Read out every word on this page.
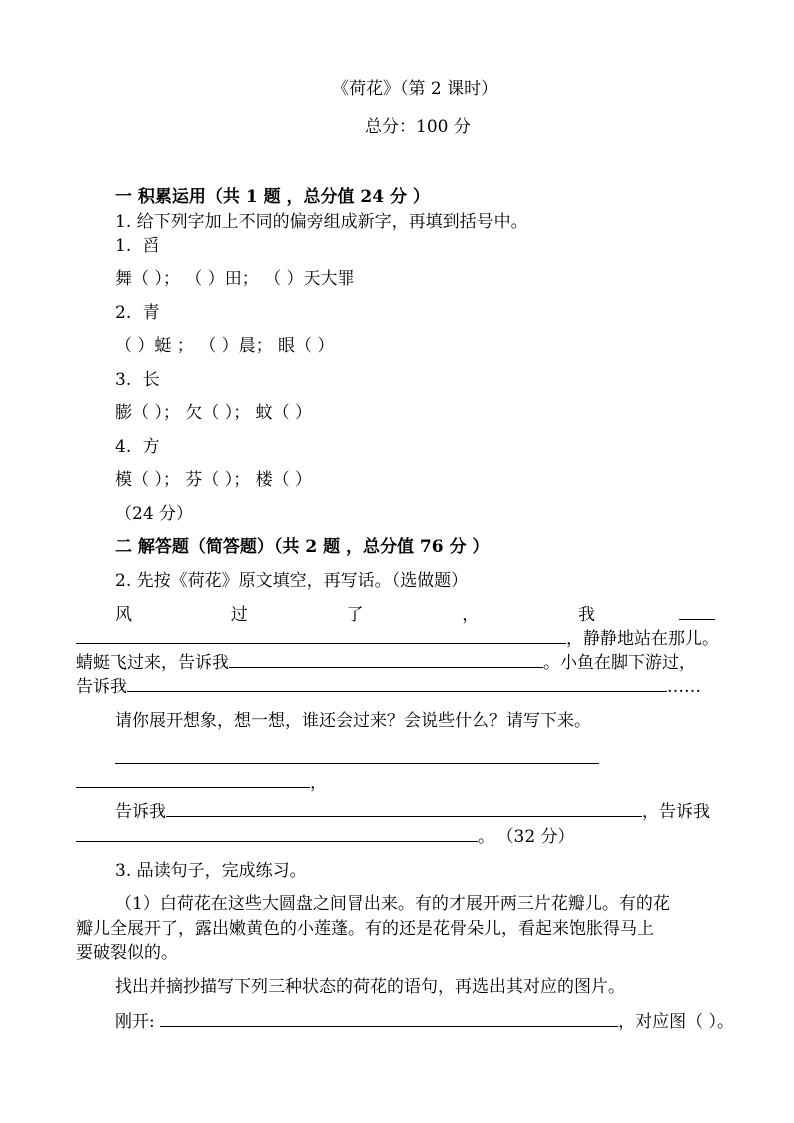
《荷花》（第 2 课时）
总分：100 分
一 积累运用（共 1 题 ，总分值 24 分 ）
1. 给下列字加上不同的偏旁组成新字，再填到括号中。
1. 舀
舞（ ）； （ ）田； （ ）天大罪
2. 青
（ ）蜓 ； （ ）晨； 眼（ ）
3. 长
膨（ ）； 欠（ ）； 蚊（ ）
4. 方
模（ ）； 芬（ ）； 楼（ ）
（24 分）
二 解答题（简答题）（共 2 题 ，总分值 76 分 ）
2. 先按《荷花》原文填空，再写话。（选做题）
风	过	了	，	我
，静静地站在那儿。
蜻蜓飞过来，告诉我	。小鱼在脚下游过，
告诉我	……
请你展开想象，想一想，谁还会过来？会说些什么？请写下来。
，
告诉我	，告诉我
。 （32 分）
3. 品读句子，完成练习。
（1）白荷花在这些大圆盘之间冒出来。有的才展开两三片花瓣儿。有的花
瓣儿全展开了，露出嫩黄色的小莲蓬。有的还是花骨朵儿，看起来饱胀得马上
要破裂似的。
找出并摘抄描写下列三种状态的荷花的语句，再选出其对应的图片。
刚开:	，对应图（ ）。
